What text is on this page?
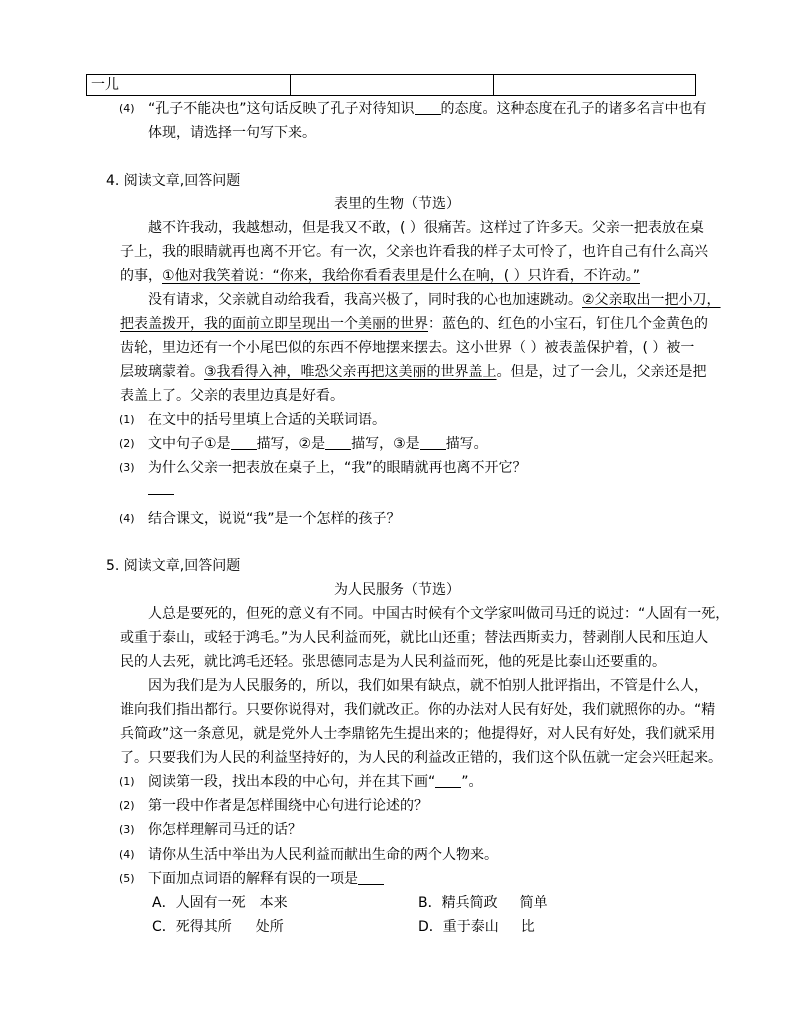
一儿
(4) “孔子不能决也”这句话反映了孔子对待知识 的态度。这种态度在孔子的诸多名言中也有
体现，请选择一句写下来。
4. 阅读文章,回答问题
表里的生物（节选）
越不许我动，我越想动，但是我又不敢，( ）很痛苦。这样过了许多天。父亲一把表放在桌
子上，我的眼睛就再也离不开它。有一次，父亲也许看我的样子太可怜了，也许自己有什么高兴
的事，①他对我笑着说：“你来，我给你看看表里是什么在响，( ）只许看，不许动。”
没有请求，父亲就自动给我看，我高兴极了，同时我的心也加速跳动。②父亲取出一把小刀，
把表盖拨开，我的面前立即呈现出一个美丽的世界：蓝色的、红色的小宝石，钉住几个金黄色的
齿轮，里边还有一个小尾巴似的东西不停地摆来摆去。这小世界（ ）被表盖保护着，( ）被一
层玻璃蒙着。③我看得入神，唯恐父亲再把这美丽的世界盖上。但是，过了一会儿，父亲还是把
表盖上了。父亲的表里边真是好看。
(1) 在文中的括号里填上合适的关联词语。
(2) 文中句子①是 描写，②是 描写，③是 描写。
(3) 为什么父亲一把表放在桌子上，“我”的眼睛就再也离不开它？
(4) 结合课文，说说“我”是一个怎样的孩子？
5. 阅读文章,回答问题
为人民服务（节选）
人总是要死的，但死的意义有不同。中国古时候有个文学家叫做司马迁的说过：“人固有一死，
或重于泰山，或轻于鸿毛。”为人民利益而死，就比山还重；替法西斯卖力，替剥削人民和压迫人
民的人去死，就比鸿毛还轻。张思德同志是为人民利益而死，他的死是比泰山还要重的。
因为我们是为人民服务的，所以，我们如果有缺点，就不怕别人批评指出，不管是什么人，
谁向我们指出都行。只要你说得对，我们就改正。你的办法对人民有好处，我们就照你的办。“精
兵简政”这一条意见，就是党外人士李鼎铭先生提出来的；他提得好，对人民有好处，我们就采用
了。只要我们为人民的利益坚持好的，为人民的利益改正错的，我们这个队伍就一定会兴旺起来。
(1) 阅读第一段，找出本段的中心句，并在其下画“ ”。
(2) 第一段中作者是怎样围绕中心句进行论述的？
(3) 你怎样理解司马迁的话？
(4) 请你从生活中举出为人民利益而献出生命的两个人物来。
(5) 下面加点词语的解释有误的一项是
A．人固有一死 本来	B．精兵简政 简单
C．死得其所 处所	D．重于泰山 比
